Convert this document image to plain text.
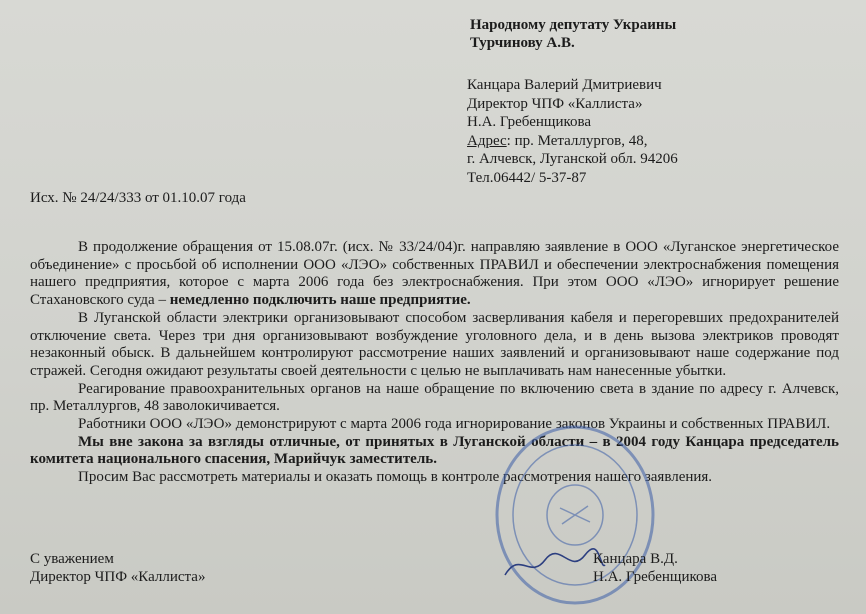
Народному депутату Украины
Турчинову А.В.
Канцара Валерий Дмитриевич
Директор ЧПФ «Каллиста»
Н.А. Гребенщикова
Адрес: пр. Металлургов, 48,
г. Алчевск, Луганской обл. 94206
Тел.06442/ 5-37-87
Исх. № 24/24/333 от 01.10.07 года

В продолжение обращения от 15.08.07г. (исх. № 33/24/04)г. направляю заявление в ООО «Луганское энергетическое объединение» с просьбой об исполнении ООО «ЛЭО» собственных ПРАВИЛ и обеспечении электроснабжения помещения нашего предприятия, которое с марта 2006 года без электроснабжения. При этом ООО «ЛЭО» игнорирует решение Стахановского суда – немедленно подключить наше предприятие.

В Луганской области электрики организовывают способом засверливания кабеля и перегоревших предохранителей отключение света. Через три дня организовывают возбуждение уголовного дела, и в день вызова электриков проводят незаконный обыск. В дальнейшем контролируют рассмотрение наших заявлений и организовывают наше содержание под стражей. Сегодня ожидают результаты своей деятельности с целью не выплачивать нам нанесенные убытки.

Реагирование правоохранительных органов на наше обращение по включению света в здание по адресу г. Алчевск, пр. Металлургов, 48 заволокичивается.

Работники ООО «ЛЭО» демонстрируют с марта 2006 года игнорирование законов Украины и собственных ПРАВИЛ.

Мы вне закона за взгляды отличные, от принятых в Луганской области – в 2004 году Канцара председатель комитета национального спасения, Марийчук заместитель.

Просим Вас рассмотреть материалы и оказать помощь в контроле рассмотрения нашего заявления.

С уважением
Директор ЧПФ «Каллиста»
Канцара В.Д.
Н.А. Гребенщикова
